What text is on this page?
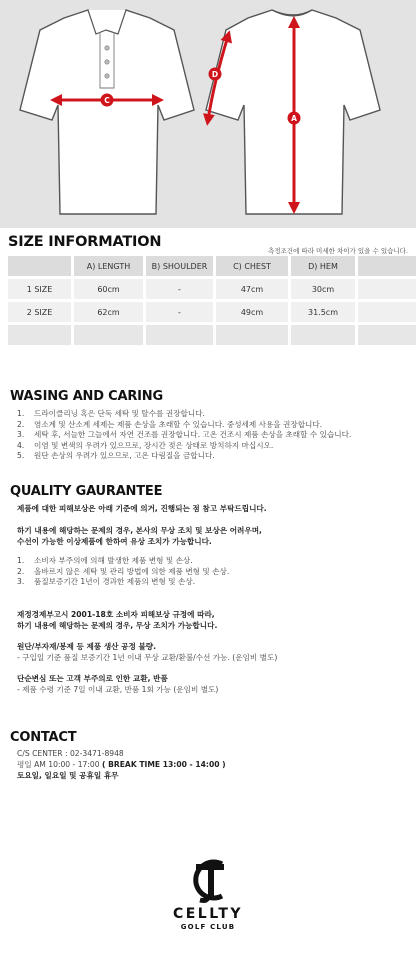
C
A
D
SIZE INFORMATION
측정조건에 따라 미세한 차이가 있을 수 있습니다.
A) LENGTH	B) SHOULDER	C) CHEST	D) HEM
1 SIZE	60cm	-	47cm	30cm
2 SIZE	62cm	-	49cm	31.5cm
WASING AND CARING
1.	드라이클리닝 혹은 단독 세탁 및 탈수를 권장합니다.
2.	염소계 및 산소계 세제는 제품 손상을 초래할 수 있습니다. 중성세제 사용을 권장합니다.
3.	세탁 후, 서늘한 그늘에서 자연 건조를 권장합니다. 고온 건조시 제품 손상을 초래할 수 있습니다.
4.	이염 및 변색의 우려가 있으므로, 장시간 젖은 상태로 방치하지 마십시오.
5.	원단 손상의 우려가 있으므로, 고온 다림질을 금합니다.
QUALITY GAURANTEE
제품에 대한 피해보상은 아래 기준에 의거, 진행되는 점 참고 부탁드립니다.
하기 내용에 해당하는 문제의 경우, 본사의 무상 조치 및 보상은 어려우며,
수선이 가능한 이상제품에 한하여 유상 조치가 가능합니다.
1.	소비자 부주의에 의해 발생한 제품 변형 및 손상.
2.	올바르지 않은 세탁 및 관리 방법에 의한 제품 변형 및 손상.
3.	품질보증기간 1년이 경과한 제품의 변형 및 손상.
재정경제부고시 2001-18호 소비자 피해보상 규정에 따라,
하기 내용에 해당하는 문제의 경우, 무상 조치가 가능합니다.
원단/부자재/봉제 등 제품 생산 공정 불량.
- 구입일 기준 품질 보증기간 1년 이내 무상 교환/환불/수선 가능. (운임비 별도)
단순변심 또는 고객 부주의로 인한 교환, 반품
- 제품 수령 기준 7일 이내 교환, 반품 1회 가능 (운임비 별도)
CONTACT
C/S CENTER : 02-3471-8948
평일 AM 10:00 - 17:00 ( BREAK TIME 13:00 - 14:00 )
토요일, 일요일 및 공휴일 휴무
CELLTY
GOLF CLUB
